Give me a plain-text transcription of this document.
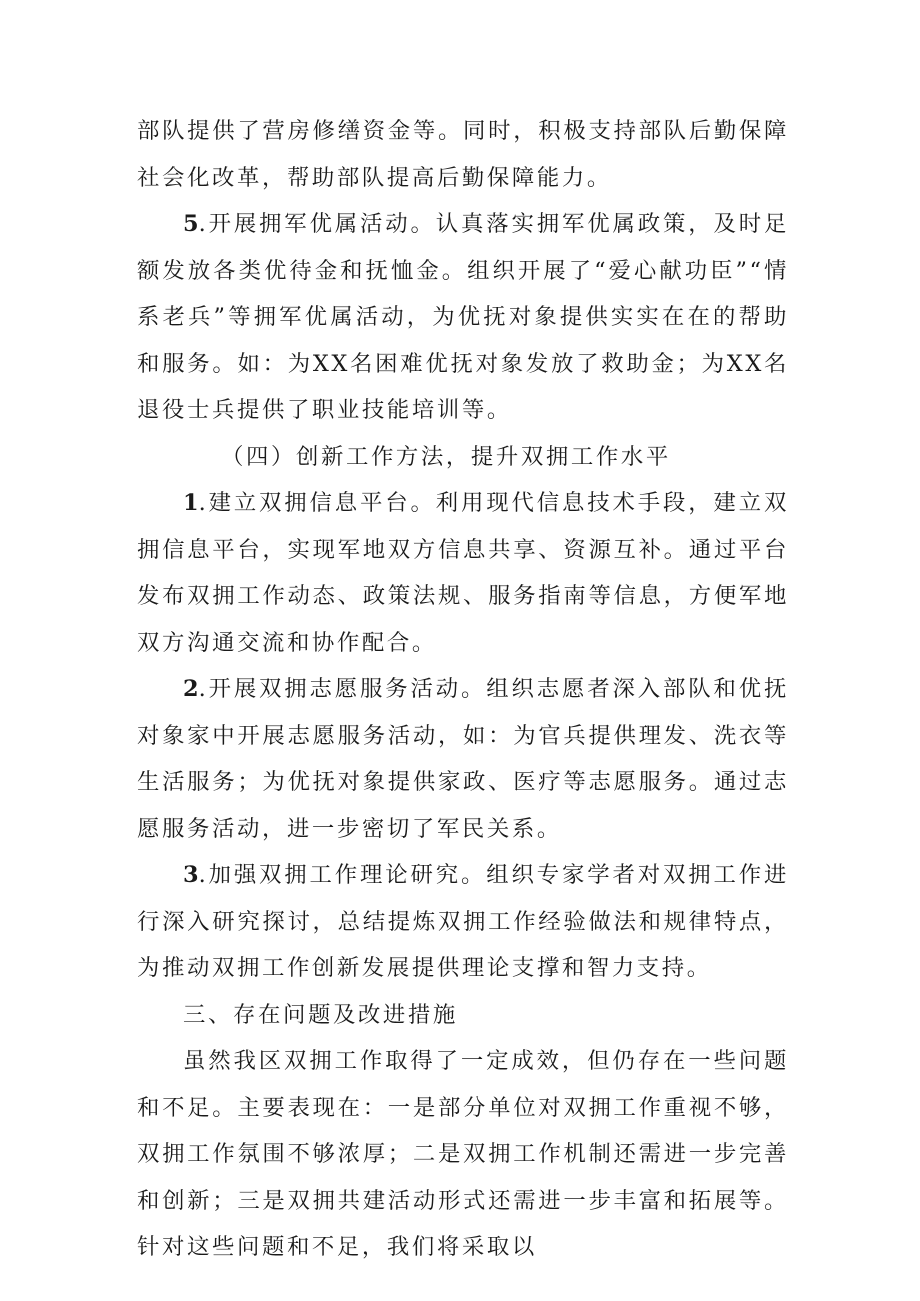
部队提供了营房修缮资金等。同时，积极支持部队后勤保障社会化改革，帮助部队提高后勤保障能力。

5.开展拥军优属活动。认真落实拥军优属政策，及时足额发放各类优待金和抚恤金。组织开展了“爱心献功臣”“情系老兵”等拥军优属活动，为优抚对象提供实实在在的帮助和服务。如：为XX名困难优抚对象发放了救助金；为XX名退役士兵提供了职业技能培训等。

（四）创新工作方法，提升双拥工作水平

1.建立双拥信息平台。利用现代信息技术手段，建立双拥信息平台，实现军地双方信息共享、资源互补。通过平台发布双拥工作动态、政策法规、服务指南等信息，方便军地双方沟通交流和协作配合。

2.开展双拥志愿服务活动。组织志愿者深入部队和优抚对象家中开展志愿服务活动，如：为官兵提供理发、洗衣等生活服务；为优抚对象提供家政、医疗等志愿服务。通过志愿服务活动，进一步密切了军民关系。

3.加强双拥工作理论研究。组织专家学者对双拥工作进行深入研究探讨，总结提炼双拥工作经验做法和规律特点，为推动双拥工作创新发展提供理论支撑和智力支持。

三、存在问题及改进措施

虽然我区双拥工作取得了一定成效，但仍存在一些问题和不足。主要表现在：一是部分单位对双拥工作重视不够，双拥工作氛围不够浓厚；二是双拥工作机制还需进一步完善和创新；三是双拥共建活动形式还需进一步丰富和拓展等。针对这些问题和不足，我们将采取以
